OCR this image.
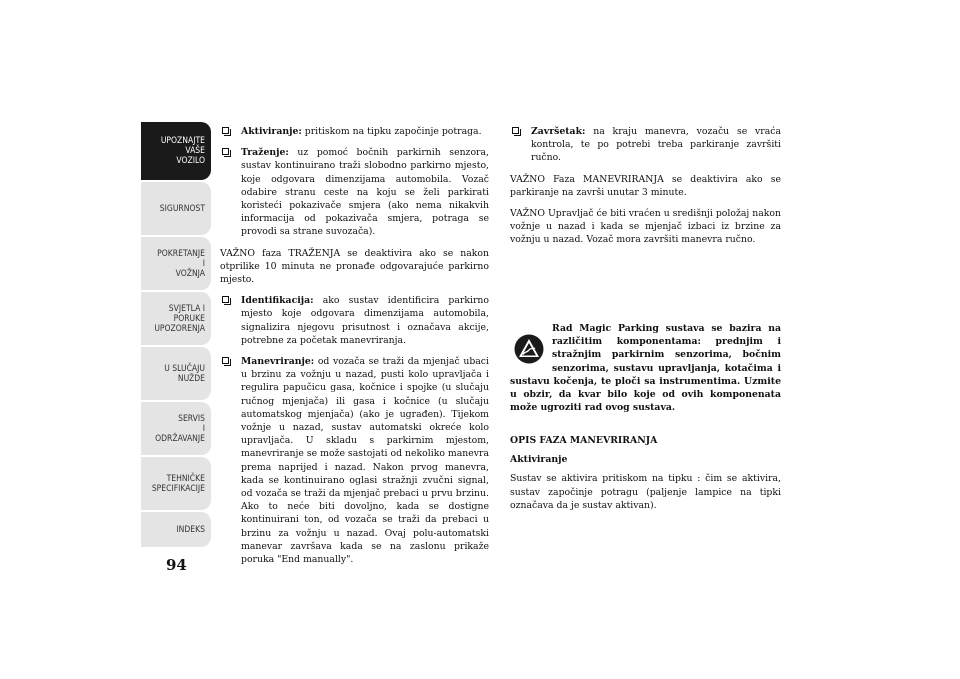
UPOZNAJTE
VAŠE
VOZILO
SIGURNOST
POKRETANJE
I
VOŽNJA
SVJETLA I
PORUKE
UPOZORENJA
U SLUČAJU
NUŽDE
SERVIS
I
ODRŽAVANJE
TEHNIČKE
SPECIFIKACIJE
INDEKS
94
Aktiviranje: pritiskom na tipku započinje potraga.
Traženje: uz pomoć bočnih parkirnih senzora, sustav kontinuirano traži slobodno parkirno mjesto, koje odgovara dimenzijama automobila. Vozač odabire stranu ceste na koju se želi parkirati koristeći pokazivače smjera (ako nema nikakvih informacija od pokazivača smjera, potraga se provodi sa strane suvozača).

VAŽNO faza TRAŽENJA se deaktivira ako se nakon otprilike 10 minuta ne pronađe odgovarajuće parkirno mjesto.

Identifikacija: ako sustav identificira parkirno mjesto koje odgovara dimenzijama automobila, signalizira njegovu prisutnost i označava akcije, potrebne za početak manevriranja.
Manevriranje: od vozača se traži da mjenjač ubaci u brzinu za vožnju u nazad, pusti kolo upravljača i regulira papučicu gasa, kočnice i spojke (u slučaju ručnog mjenjača) ili gasa i kočnice (u slučaju automatskog mjenjača) (ako je ugrađen). Tijekom vožnje u nazad, sustav automatski okreće kolo upravljača. U skladu s parkirnim mjestom, manevriranje se može sastojati od nekoliko manevra prema naprijed i nazad. Nakon prvog manevra, kada se kontinuirano oglasi stražnji zvučni signal, od vozača se traži da mjenjač prebaci u prvu brzinu. Ako to neće biti dovoljno, kada se dostigne kontinuirani ton, od vozača se traži da prebaci u brzinu za vožnju u nazad. Ovaj polu-automatski manevar završava kada se na zaslonu prikaže poruka "End manually".
Završetak: na kraju manevra, vozaču se vraća kontrola, te po potrebi treba parkiranje završiti ručno.

VAŽNO Faza MANEVRIRANJA se deaktivira ako se parkiranje na završi unutar 3 minute.

VAŽNO Upravljač će biti vraćen u središnji položaj nakon vožnje u nazad i kada se mjenjač izbaci iz brzine za vožnju u nazad. Vozač mora završiti manevra ručno.

Rad Magic Parking sustava se bazira na različitim komponentama: prednjim i stražnjim parkirnim senzorima, bočnim senzorima, sustavu upravljanja, kotačima i sustavu kočenja, te ploči sa instrumentima. Uzmite u obzir, da kvar bilo koje od ovih komponenata može ugroziti rad ovog sustava.

OPIS FAZA MANEVRIRANJA

Aktiviranje

Sustav se aktivira pritiskom na tipku : čim se aktivira, sustav započinje potragu (paljenje lampice na tipki označava da je sustav aktivan).
